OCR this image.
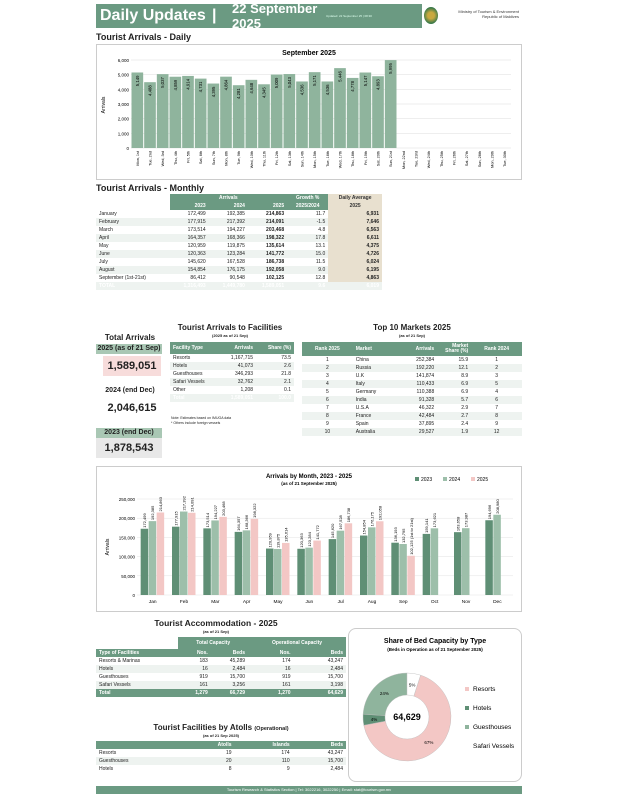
Daily Updates |	22 September 2025	Updated: 22 September 25 | 08:30
Ministry of Tourism & Environment
Republic of Maldives
Tourist Arrivals - Daily
September 2025
Arrivals
0
1,000
2,000
3,000
4,000
5,000
6,000
5,149
Mon, 1st
4,488
Tue, 2nd
5,037
Wed, 3rd
4,859
Thu, 4th
4,914
Fri, 5th
4,731
Sat, 6th
4,395
Sun, 7th
4,864
Mon, 8th
4,281
Tue, 9th
4,648
Wed, 10th
4,345
Thu, 11th
5,009
Fri, 12th
5,043
Sat, 13th
4,536
Sun, 14th
5,171
Mon, 15th
4,536
Tue, 16th
5,446
Wed, 17th
4,778
Thu, 18th
5,147
Fri, 19th
4,893
Sat, 20th
5,995
Sun, 21st Mon, 22nd Tue, 23rd Wed, 24th Thu, 25th Fri, 26th Sat, 27th Sun, 28th Mon, 29th Tue, 30th
Tourist Arrivals - Monthly
	Arrivals			Growth %	Daily Average
	2023	2024	2025	2025/2024	2025
January	172,499	192,385	214,863	11.7	6,931
February	177,915	217,392	214,091	-1.5	7,646
March	173,514	194,227	203,468	4.8	6,563
April	164,357	168,366	198,322	17.8	6,611
May	120,959	119,875	135,614	13.1	4,375
June	120,363	123,284	141,772	15.0	4,726
July	145,620	167,528	186,738	11.5	6,024
August	154,854	176,175	192,058	9.0	6,195
September (1st-21st)	86,412	90,548	102,125	12.8	4,863
TOTAL	1,316,493	1,449,780	1,589,051	9.6	6,019
Total Arrivals
2025 (as of 21 Sep)
1,589,051
2024 (end Dec)
2,046,615
2023 (end Dec)
1,878,543
Tourist Arrivals to Facilities
(2025 as of 21 Sep)
Facility Type	Arrivals	Share (%)
Resorts	1,167,715	73.5
Hotels	41,073	2.6
Guesthouses	346,293	21.8
Safari Vessels	32,762	2.1
Other	1,208	0.1
Total	1,589,051	100.0
Note: Estimates based on IMUGA data
* Others include foreign vessels
Top 10 Markets 2025
(as of 21 Sep)
Rank 2025	Market	Arrivals	Market Share (%)	Rank 2024
1	China	252,384	15.9	1
2	Russia	192,220	12.1	2
3	U.K	141,874	8.9	3
4	Italy	110,433	6.9	5
5	Germany	110,388	6.9	4
6	India	91,328	5.7	6
7	U.S.A	46,322	2.9	7
8	France	42,484	2.7	8
9	Spain	37,895	2.4	9
10	Australia	29,527	1.9	12
Arrivals by Month, 2023 - 2025
(as of 21 September 2025)
Arrivals
0
50,000
100,000
150,000
200,000
250,000
2023
172,499	177,915	173,514	164,357
120,959	120,363
145,620	154,854	136,193
159,141	163,658
194,696
2024
192,385
217,392
194,227
168,366
119,875	123,284
167,528	176,175
132,795
173,621	173,987
208,980
2025
214,863	214,091	203,468	198,322
135,614	141,772
186,738	192,058
102,125 (1st to 21st)
Jan	Feb	Mar	Apr	May	Jun	Jul	Aug	Sep	Oct	Nov	Dec
Tourist Accommodation - 2025
(as of 21 Sep)
	Total Capacity		Operational Capacity	
Type of Facilities	Nos.	Beds	Nos.	Beds
Resorts & Marinas	183	45,289	174	43,247
Hotels	16	2,484	16	2,484
Guesthouses	919	15,700	919	15,700
Safari Vessels	161	3,256	161	3,198
Total	1,279	66,729	1,270	64,629
Tourist Facilities by Atolls (Operational)
(as of 21 Sep 2025)
	Atolls	Islands	Beds
Resorts	19	174	43,247
Guesthouses	20	110	15,700
Hotels	8	9	2,484
Share of Bed Capacity by Type
(Beds in Operation as of 21 September 2025)
67%
4%
24%
5%
64,629
Resorts
Hotels
Guesthouses
Safari Vessels
Tourism Research & Statistics Section | Tel: 3022216, 3022250 | Email: stat@tourism.gov.mv
